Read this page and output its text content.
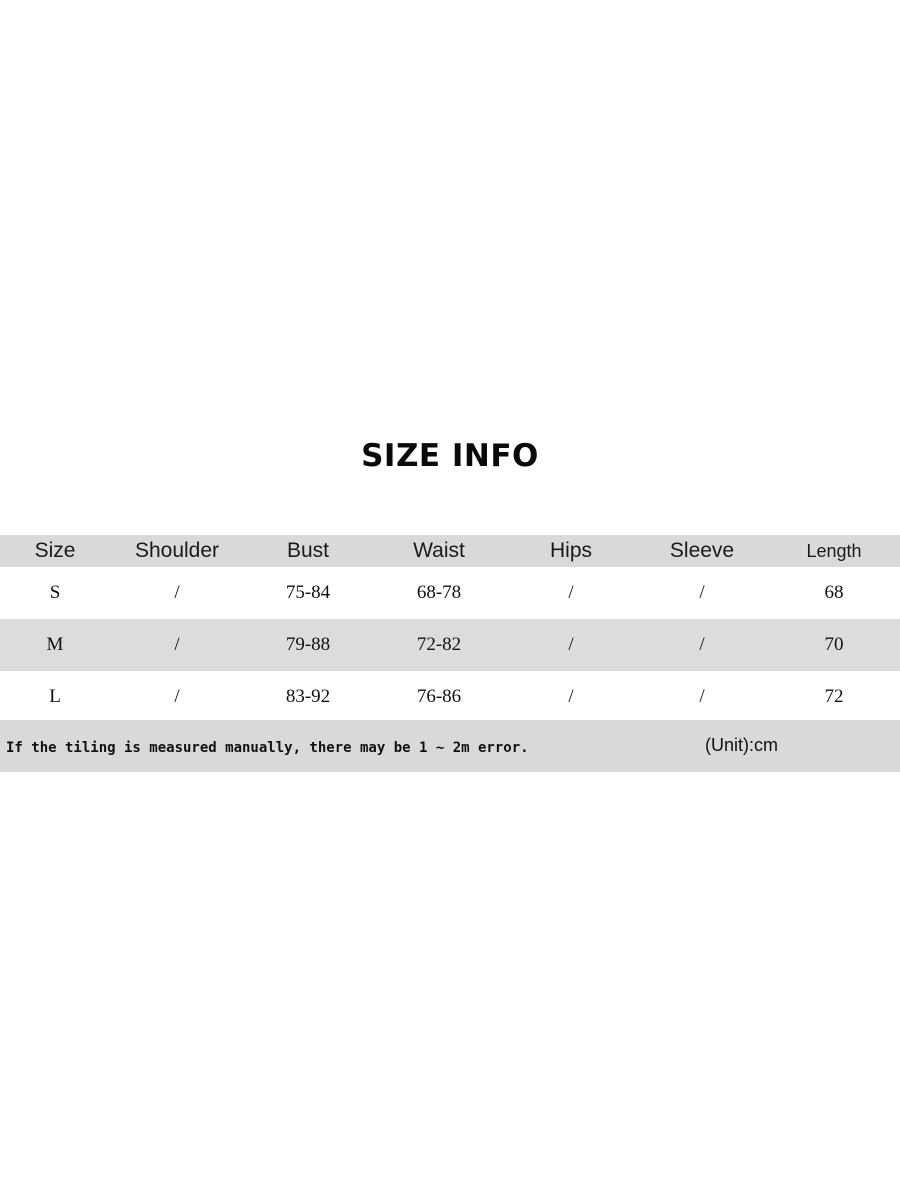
SIZE INFO
Size	Shoulder	Bust	Waist	Hips	Sleeve	Length
S	/	75-84	68-78	/	/	68
M	/	79-88	72-82	/	/	70
L	/	83-92	76-86	/	/	72
If the tiling is measured manually, there may be 1 ~ 2m error.	(Unit):cm
